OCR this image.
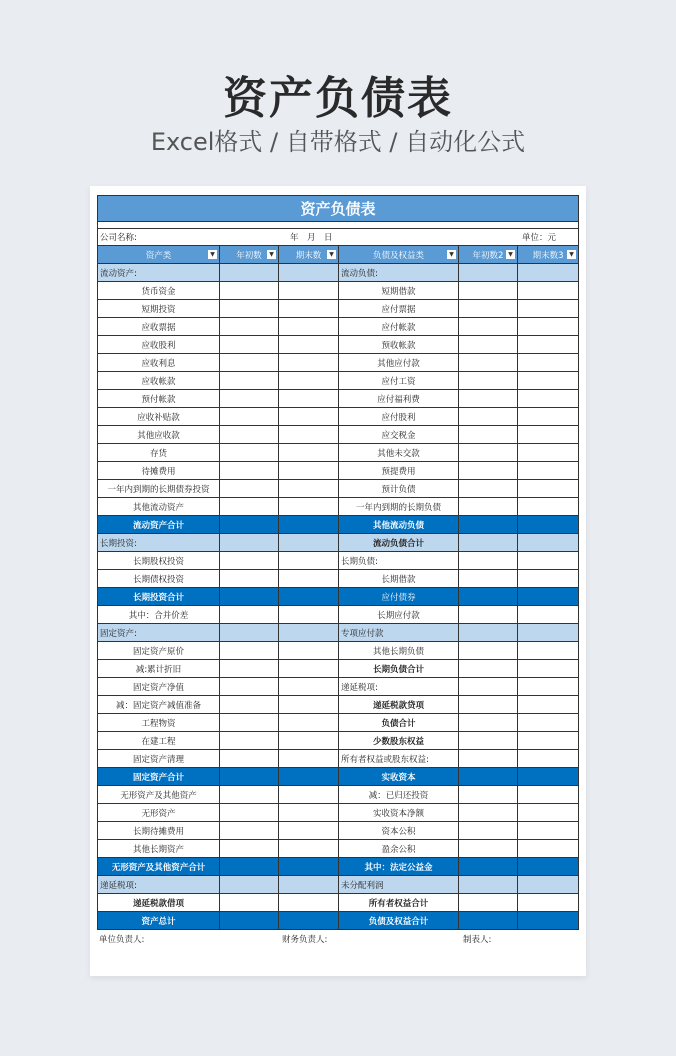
资产负债表
Excel格式 / 自带格式 / 自动化公式
资产负债表					

公司名称: 年　月　日 单位：元					

资产类 ▼	年初数 ▼	期末数 ▼	负债及权益类 ▼	年初数2 ▼	期末数3 ▼

流动资产:			流动负债:		
货币资金			短期借款		
短期投资			应付票据		
应收票据			应付帐款		
应收股利			预收帐款		
应收利息			其他应付款		
应收帐款			应付工资		
预付帐款			应付福利费		
应收补贴款			应付股利		
其他应收款			应交税金		
存货			其他未交款		
待摊费用			预提费用		
一年内到期的长期债券投资			预计负债		
其他流动资产			一年内到期的长期负债		
流动资产合计			其他流动负债		
长期投资:			流动负债合计		
长期股权投资			长期负债:		
长期债权投资			长期借款		
长期投资合计			应付债券		
其中：合并价差			长期应付款		
固定资产:			专项应付款		
固定资产原价			其他长期负债		
减:累计折旧			长期负债合计		
固定资产净值			递延税项:		
减：固定资产减值准备			递延税款贷项		
工程物资			负债合计		
在建工程			少数股东权益		
固定资产清理			所有者权益或股东权益:		
固定资产合计			实收资本		
无形资产及其他资产			减：已归还投资		
无形资产			实收资本净额		
长期待摊费用			资本公积		
其他长期资产			盈余公积		
无形资产及其他资产合计			其中：法定公益金		
递延税项:			未分配利润		
递延税款借项			所有者权益合计		
资产总计			负债及权益合计		
单位负责人:	财务负责人:	制表人:
